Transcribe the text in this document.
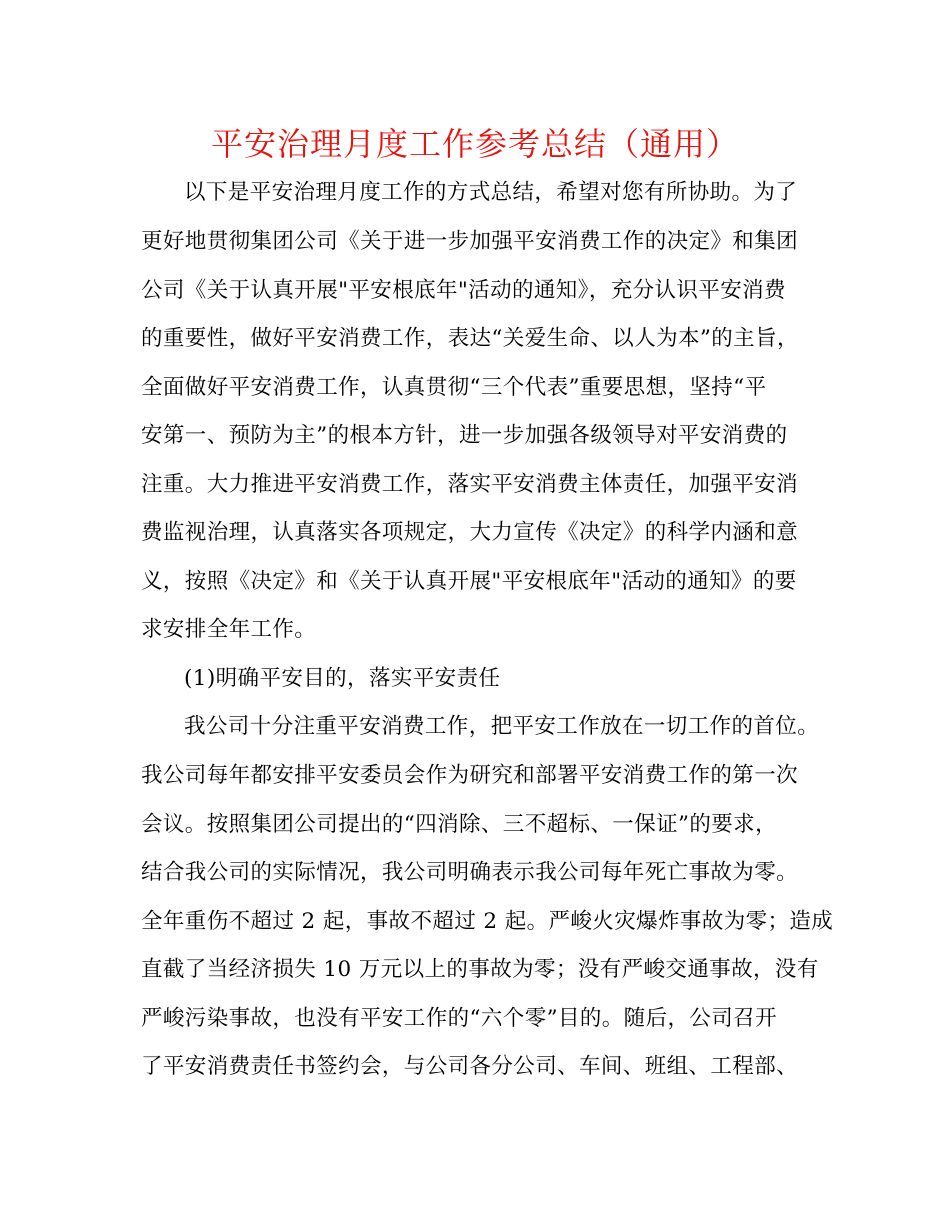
平安治理月度工作参考总结（通用）
以下是平安治理月度工作的方式总结，希望对您有所协助。为了
更好地贯彻集团公司《关于进一步加强平安消费工作的决定》和集团
公司《关于认真开展"平安根底年"活动的通知》，充分认识平安消费
的重要性，做好平安消费工作，表达“关爱生命、以人为本”的主旨，
全面做好平安消费工作，认真贯彻“三个代表”重要思想，坚持“平
安第一、预防为主”的根本方针，进一步加强各级领导对平安消费的
注重。大力推进平安消费工作，落实平安消费主体责任，加强平安消
费监视治理，认真落实各项规定，大力宣传《决定》的科学内涵和意
义，按照《决定》和《关于认真开展"平安根底年"活动的通知》的要
求安排全年工作。
(1)明确平安目的，落实平安责任
我公司十分注重平安消费工作，把平安工作放在一切工作的首位。
我公司每年都安排平安委员会作为研究和部署平安消费工作的第一次
会议。按照集团公司提出的“四消除、三不超标、一保证”的要求，
结合我公司的实际情况，我公司明确表示我公司每年死亡事故为零。
全年重伤不超过 2 起，事故不超过 2 起。严峻火灾爆炸事故为零；造成
直截了当经济损失 10 万元以上的事故为零；没有严峻交通事故，没有
严峻污染事故，也没有平安工作的“六个零”目的。随后，公司召开
了平安消费责任书签约会，与公司各分公司、车间、班组、工程部、
